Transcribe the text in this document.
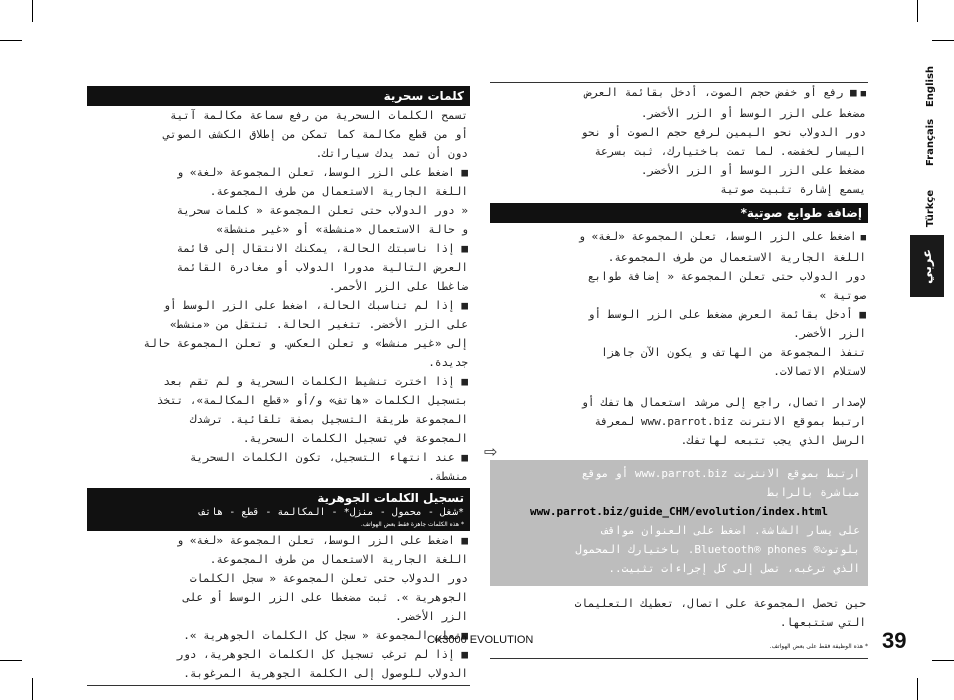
English
Français
Türkçe
عربي

■ ■ رفع أو خفض حجم الصوت، أدخل بقائمة العرض

مضغط على الزر الوسط أو الزر الأخضر.

دور الدولاب نحو اليمين لرفع حجم الصوت أو نحو

اليسار لخفضه. لما تمت باختيارك، ثبت بسرعة

مضغط على الزر الوسط أو الزر الأخضر.

يسمع إشارة تثبيت صوتية

إضافة طوابع صوتية*

■ اضغط على الزر الوسط، تعلن المجموعة «لغة» و

اللغة الجارية الاستعمال من طرف المجموعة.

دور الدولاب حتى تعلن المجموعة « إضافة طوابع

صوتية »

■ أدخل بقائمة العرض مضغط على الزر الوسط أو

الزر الأخضر.

تنفذ المجموعة من الهاتف و يكون الآن جاهزا

لاستلام الاتصالات.

لإصدار اتصال، راجع إلى مرشد استعمال هاتفك أو

ارتبط بموقع الانترنت www.parrot.biz لمعرفة

الرسل الذي يجب تتبعه لهاتفك.

ارتبط بموقع الانترنت www.parrot.biz أو موقع

مباشرة بالرابط

www.parrot.biz/guide_CHM/evolution/index.html

على يسار الشاشة. اضغط على العنوان مواقف

بلوتوث® Bluetooth® phones. باختيارك المحمول

الذي ترغبه، تصل إلى كل إجراءات تثبيت..

حين تحصل المجموعة على اتصال، تعطيك التعليمات

التي ستتبعها.

* هذه الوظيفة فقط على بعض الهواتف.
⇨
كلمات سحرية

تسمح الكلمات السحرية من رفع سماعة مكالمة آتية

أو من قطع مكالمة كما تمكن من إطلاق الكشف الصوتي

دون أن تمد يدك سياراتك.

■ اضغط على الزر الوسط، تعلن المجموعة «لغة» و

اللغة الجارية الاستعمال من طرف المجموعة.

« دور الدولاب حتى تعلن المجموعة « كلمات سحرية

و حالة الاستعمال «منشطة» أو «غير منشطة»

■ إذا ناسبتك الحالة، يمكنك الانتقال إلى قائمة

العرض التالية مدورا الدولاب أو مغادرة القائمة

ضاغطا على الزر الأحمر.

■ إذا لم تناسبك الحالة، اضغط على الزر الوسط أو

على الزر الأخضر. تتغير الحالة. تنتقل من «منشط»

إلى «غير منشط» و تعلن العكس. و تعلن المجموعة حالة

جديدة.

■ إذا اخترت تنشيط الكلمات السحرية و لم تقم بعد

بتسجيل الكلمات «هاتف» و/أو «قطع المكالمة»، تتخذ

المجموعة طريقة التسجيل بصفة تلقائية. ترشدك

المجموعة في تسجيل الكلمات السحرية.

■ عند انتهاء التسجيل، تكون الكلمات السحرية

منشطة.

تسجيل الكلمات الجوهرية
*شغل - محمول - منزل* - المكالمة - قطع - هاتف
* هذه الكلمات جاهزة فقط بعض الهواتف.

■ اضغط على الزر الوسط، تعلن المجموعة «لغة» و

اللغة الجارية الاستعمال من طرف المجموعة.

دور الدولاب حتى تعلن المجموعة « سجل الكلمات

الجوهرية ». ثبت مضغطا على الزر الوسط أو على

الزر الأخضر.

■تعلن المجموعة « سجل كل الكلمات الجوهرية ».

■ إذا لم ترغب تسجيل كل الكلمات الجوهرية، دور

الدولاب للوصول إلى الكلمة الجوهرية المرغوبة.

CK3000 EVOLUTION	39
